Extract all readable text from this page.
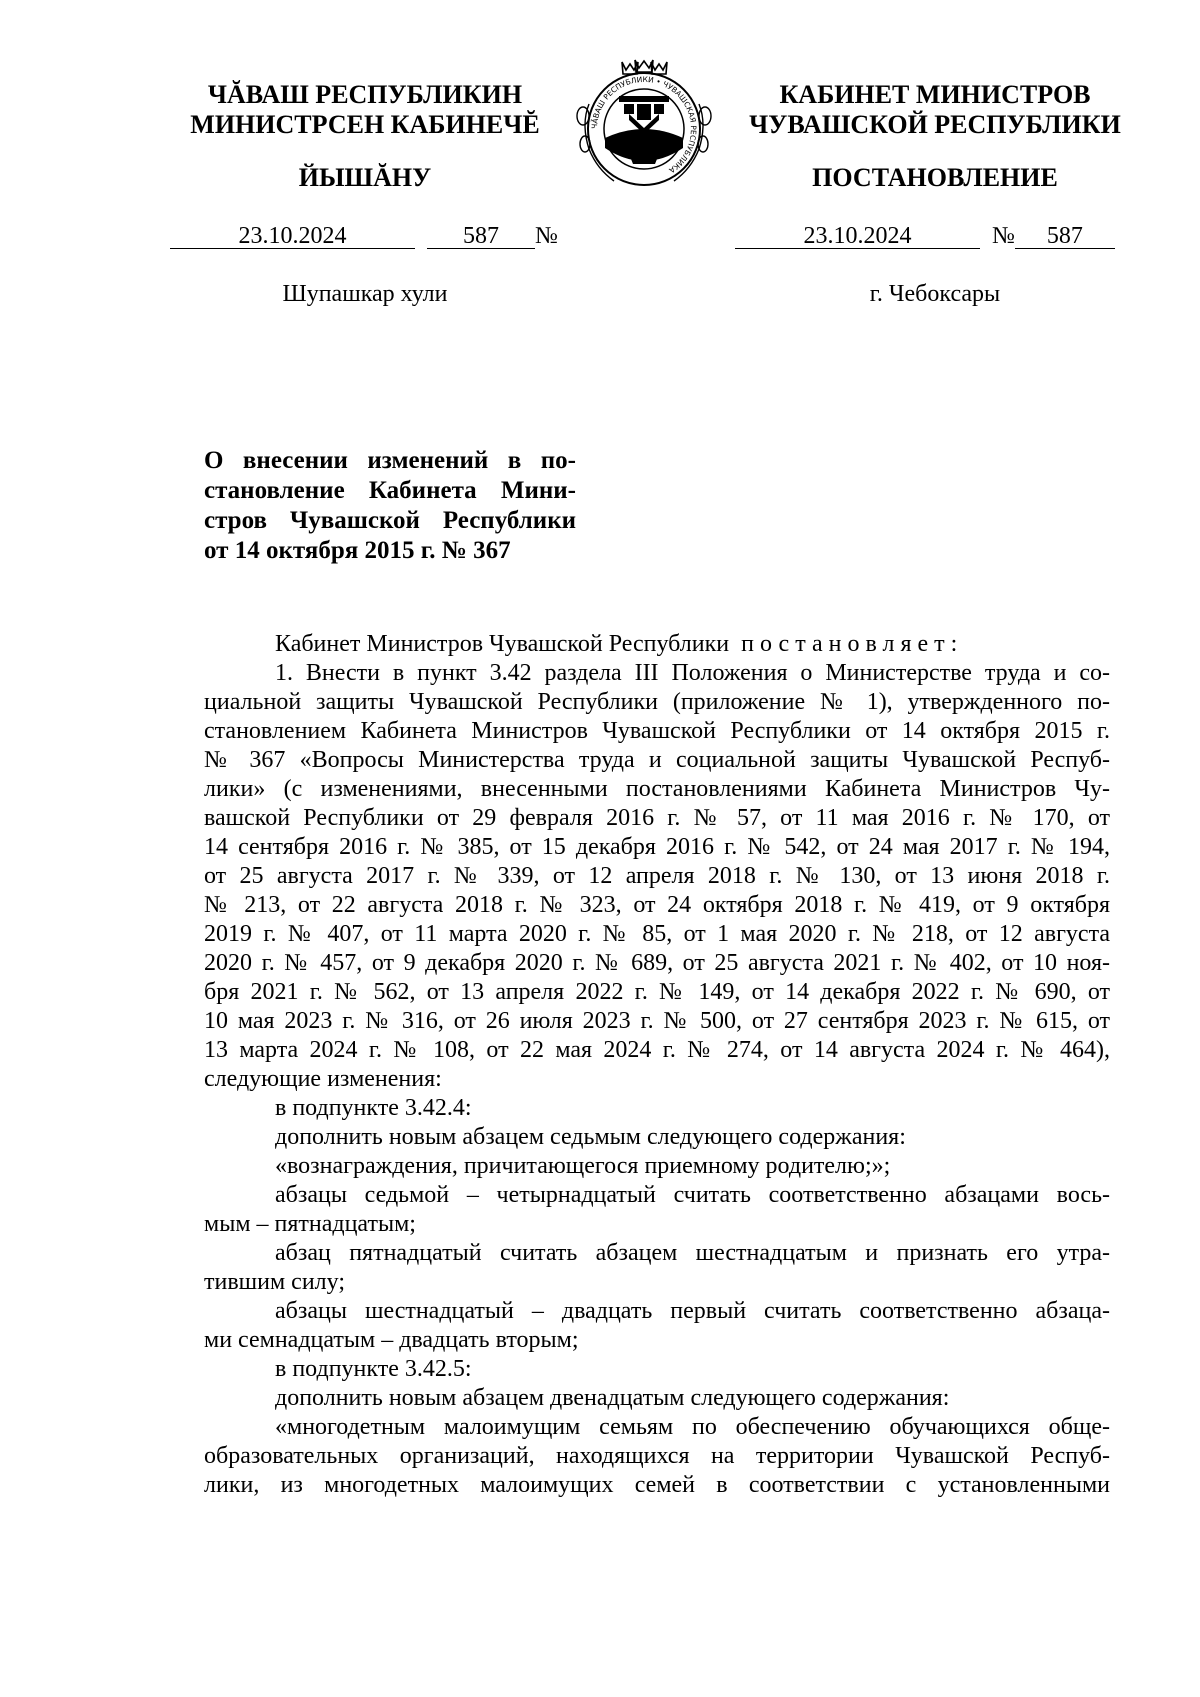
ЧĂВАШ РЕСПУБЛИКИН
МИНИСТРСЕН КАБИНЕЧĔ	ЧĂВАШ РЕСПУБЛИКИ • ЧУВАШСКАЯ РЕСПУБЛИКА
КАБИНЕТ МИНИСТРОВ
ЧУВАШСКОЙ РЕСПУБЛИКИ
ЙЫШĂНУ	ПОСТАНОВЛЕНИЕ
23.10.2024	587 №	23.10.2024	№ 587
Шупашкар хули	г. Чебоксары
О внесении изменений в по-
становление Кабинета Мини-
стров Чувашской Республики
от 14 октября 2015 г. № 367
Кабинет Министров Чувашской Республики постановляет:
1. Внести в пункт 3.42 раздела III Положения о Министерстве труда и со-
циальной защиты Чувашской Республики (приложение № 1), утвержденного по-
становлением Кабинета Министров Чувашской Республики от 14 октября 2015 г.
№ 367 «Вопросы Министерства труда и социальной защиты Чувашской Респуб-
лики» (с изменениями, внесенными постановлениями Кабинета Министров Чу-
вашской Республики от 29 февраля 2016 г. № 57, от 11 мая 2016 г. № 170, от
14 сентября 2016 г. № 385, от 15 декабря 2016 г. № 542, от 24 мая 2017 г. № 194,
от 25 августа 2017 г. № 339, от 12 апреля 2018 г. № 130, от 13 июня 2018 г.
№ 213, от 22 августа 2018 г. № 323, от 24 октября 2018 г. № 419, от 9 октября
2019 г. № 407, от 11 марта 2020 г. № 85, от 1 мая 2020 г. № 218, от 12 августа
2020 г. № 457, от 9 декабря 2020 г. № 689, от 25 августа 2021 г. № 402, от 10 ноя-
бря 2021 г. № 562, от 13 апреля 2022 г. № 149, от 14 декабря 2022 г. № 690, от
10 мая 2023 г. № 316, от 26 июля 2023 г. № 500, от 27 сентября 2023 г. № 615, от
13 марта 2024 г. № 108, от 22 мая 2024 г. № 274, от 14 августа 2024 г. № 464),
следующие изменения:
в подпункте 3.42.4:
дополнить новым абзацем седьмым следующего содержания:
«вознаграждения, причитающегося приемному родителю;»;
абзацы седьмой – четырнадцатый считать соответственно абзацами вось-
мым – пятнадцатым;
абзац пятнадцатый считать абзацем шестнадцатым и признать его утра-
тившим силу;
абзацы шестнадцатый – двадцать первый считать соответственно абзаца-
ми семнадцатым – двадцать вторым;
в подпункте 3.42.5:
дополнить новым абзацем двенадцатым следующего содержания:
«многодетным малоимущим семьям по обеспечению обучающихся обще-
образовательных организаций, находящихся на территории Чувашской Респуб-
лики, из многодетных малоимущих семей в соответствии с установленными
